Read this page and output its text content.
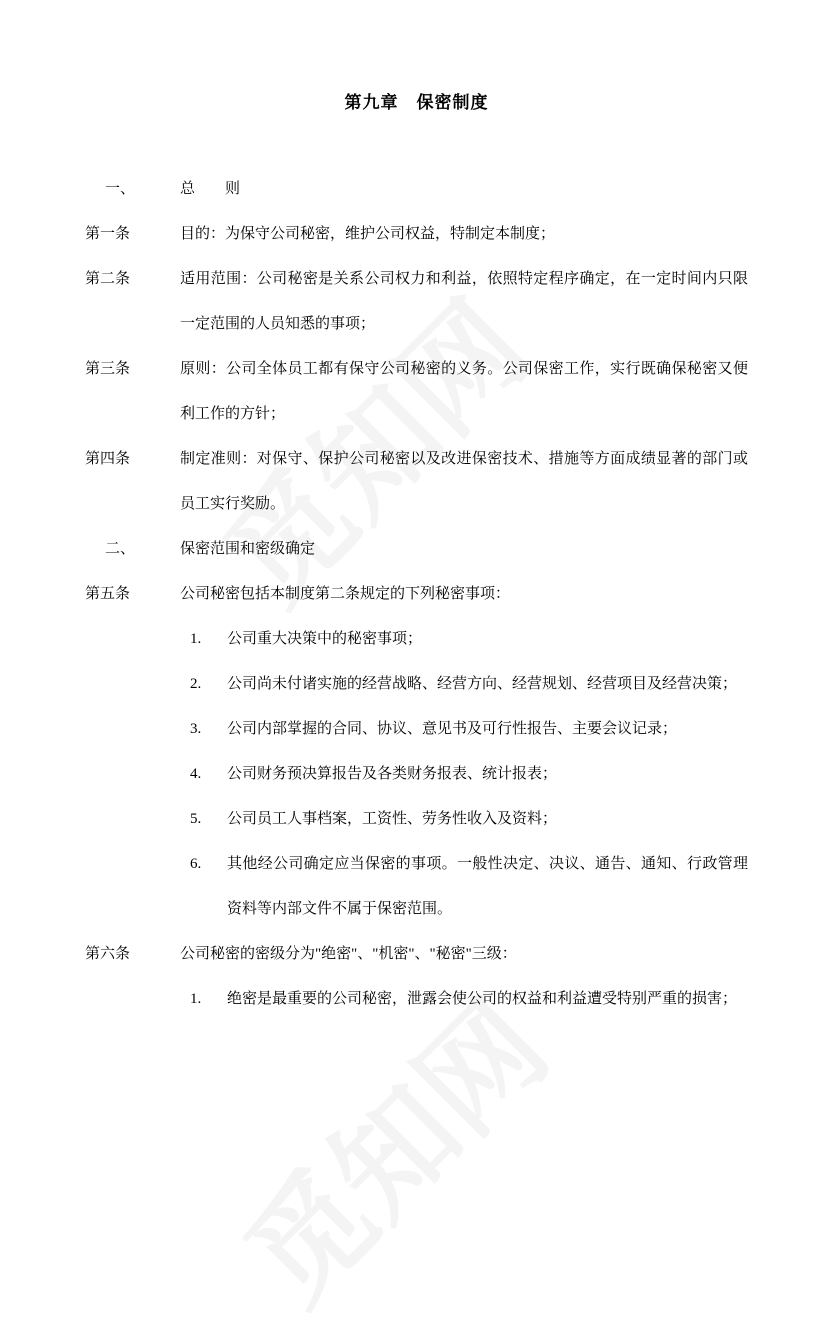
第九章　保密制度
一、	总　　则
第一条	目的：为保守公司秘密，维护公司权益，特制定本制度；
第二条	适用范围：公司秘密是关系公司权力和利益，依照特定程序确定，在一定时间内只限一定范围的人员知悉的事项；
第三条	原则：公司全体员工都有保守公司秘密的义务。公司保密工作，实行既确保秘密又便利工作的方针；
第四条	制定准则：对保守、保护公司秘密以及改进保密技术、措施等方面成绩显著的部门或员工实行奖励。
二、	保密范围和密级确定
第五条	公司秘密包括本制度第二条规定的下列秘密事项：
1.	公司重大决策中的秘密事项；
2.	公司尚未付诸实施的经营战略、经营方向、经营规划、经营项目及经营决策；
3.	公司内部掌握的合同、协议、意见书及可行性报告、主要会议记录；
4.	公司财务预决算报告及各类财务报表、统计报表；
5.	公司员工人事档案，工资性、劳务性收入及资料；
6.	其他经公司确定应当保密的事项。一般性决定、决议、通告、通知、行政管理资料等内部文件不属于保密范围。
第六条	公司秘密的密级分为"绝密"、"机密"、"秘密"三级：
1.	绝密是最重要的公司秘密，泄露会使公司的权益和利益遭受特别严重的损害；
